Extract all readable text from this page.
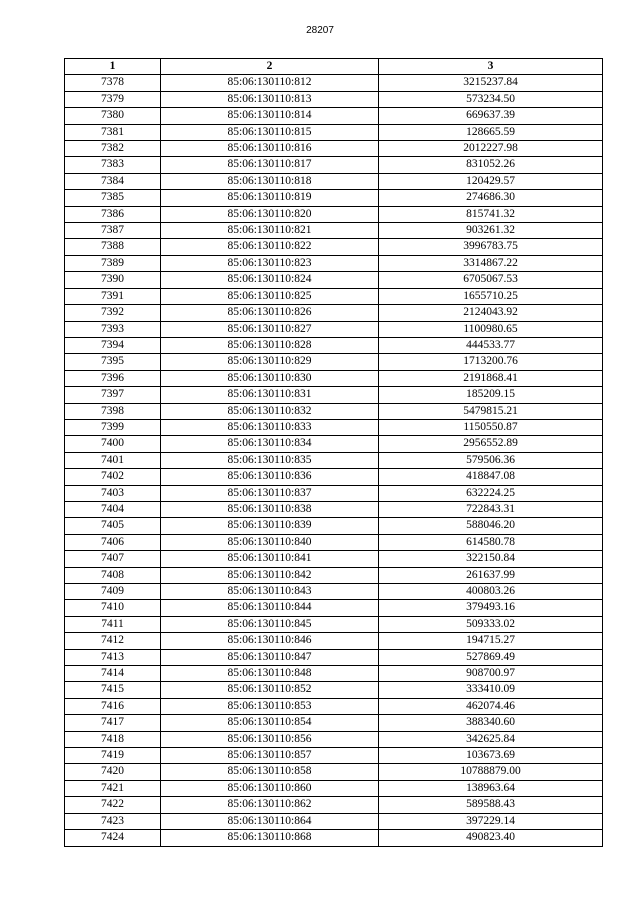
28207
1	2	3
7378	85:06:130110:812	3215237.84
7379	85:06:130110:813	573234.50
7380	85:06:130110:814	669637.39
7381	85:06:130110:815	128665.59
7382	85:06:130110:816	2012227.98
7383	85:06:130110:817	831052.26
7384	85:06:130110:818	120429.57
7385	85:06:130110:819	274686.30
7386	85:06:130110:820	815741.32
7387	85:06:130110:821	903261.32
7388	85:06:130110:822	3996783.75
7389	85:06:130110:823	3314867.22
7390	85:06:130110:824	6705067.53
7391	85:06:130110:825	1655710.25
7392	85:06:130110:826	2124043.92
7393	85:06:130110:827	1100980.65
7394	85:06:130110:828	444533.77
7395	85:06:130110:829	1713200.76
7396	85:06:130110:830	2191868.41
7397	85:06:130110:831	185209.15
7398	85:06:130110:832	5479815.21
7399	85:06:130110:833	1150550.87
7400	85:06:130110:834	2956552.89
7401	85:06:130110:835	579506.36
7402	85:06:130110:836	418847.08
7403	85:06:130110:837	632224.25
7404	85:06:130110:838	722843.31
7405	85:06:130110:839	588046.20
7406	85:06:130110:840	614580.78
7407	85:06:130110:841	322150.84
7408	85:06:130110:842	261637.99
7409	85:06:130110:843	400803.26
7410	85:06:130110:844	379493.16
7411	85:06:130110:845	509333.02
7412	85:06:130110:846	194715.27
7413	85:06:130110:847	527869.49
7414	85:06:130110:848	908700.97
7415	85:06:130110:852	333410.09
7416	85:06:130110:853	462074.46
7417	85:06:130110:854	388340.60
7418	85:06:130110:856	342625.84
7419	85:06:130110:857	103673.69
7420	85:06:130110:858	10788879.00
7421	85:06:130110:860	138963.64
7422	85:06:130110:862	589588.43
7423	85:06:130110:864	397229.14
7424	85:06:130110:868	490823.40
